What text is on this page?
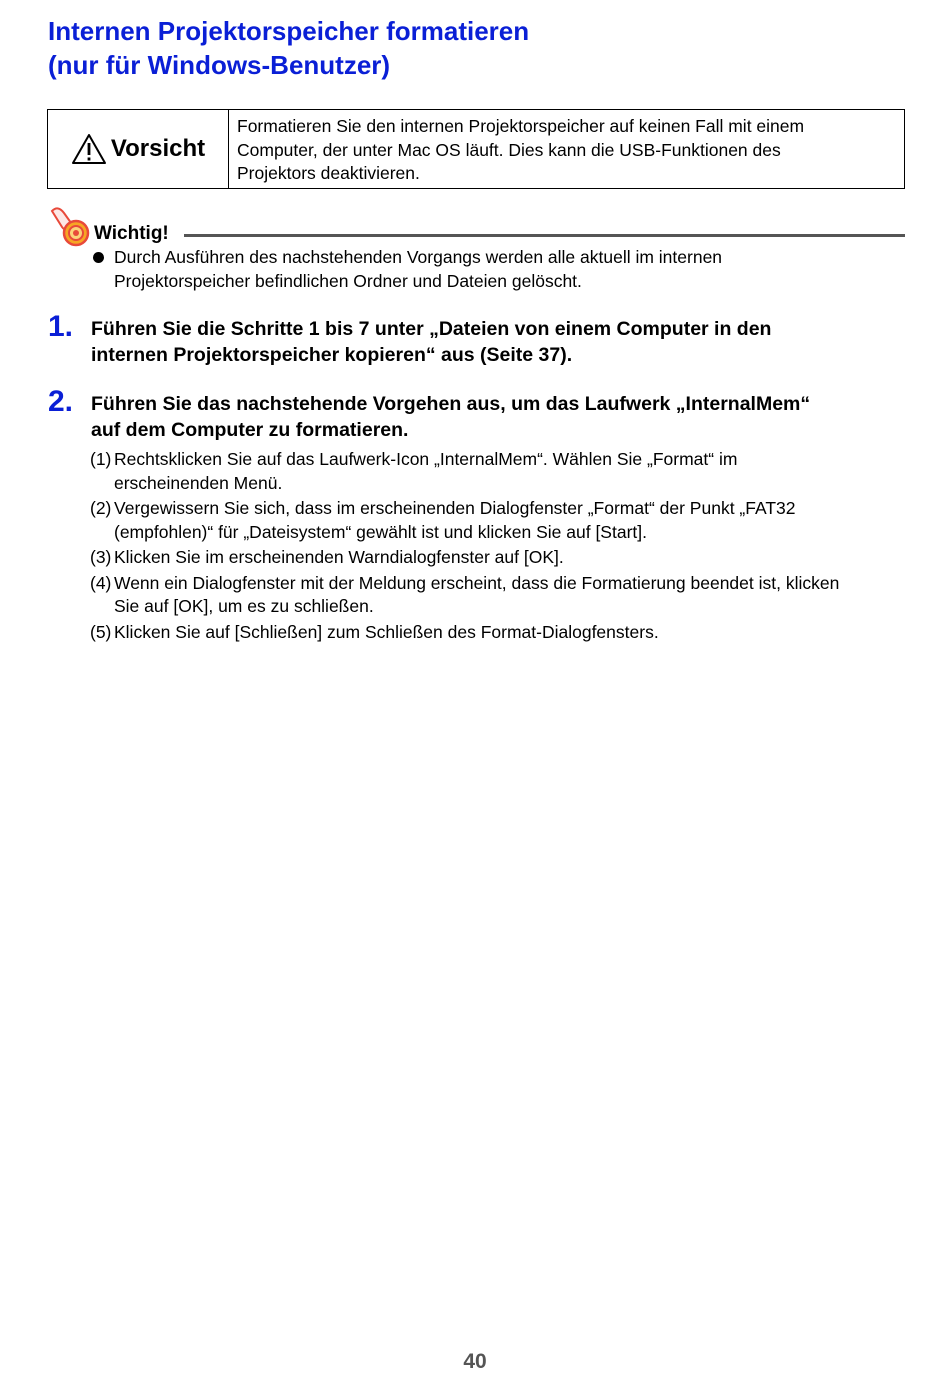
Internen Projektorspeicher formatieren
(nur für Windows-Benutzer)
Vorsicht
Formatieren Sie den internen Projektorspeicher auf keinen Fall mit einem
Computer, der unter Mac OS läuft. Dies kann die USB-Funktionen des
Projektors deaktivieren.
Wichtig!
Durch Ausführen des nachstehenden Vorgangs werden alle aktuell im internen
Projektorspeicher befindlichen Ordner und Dateien gelöscht.
1. Führen Sie die Schritte 1 bis 7 unter „Dateien von einem Computer in den
internen Projektorspeicher kopieren“ aus (Seite 37).
2. Führen Sie das nachstehende Vorgehen aus, um das Laufwerk „InternalMem“
auf dem Computer zu formatieren.
(1) Rechtsklicken Sie auf das Laufwerk-Icon „InternalMem“. Wählen Sie „Format“ im
erscheinenden Menü.
(2) Vergewissern Sie sich, dass im erscheinenden Dialogfenster „Format“ der Punkt „FAT32
(empfohlen)“ für „Dateisystem“ gewählt ist und klicken Sie auf [Start].
(3) Klicken Sie im erscheinenden Warndialogfenster auf [OK].
(4) Wenn ein Dialogfenster mit der Meldung erscheint, dass die Formatierung beendet ist, klicken
Sie auf [OK], um es zu schließen.
(5) Klicken Sie auf [Schließen] zum Schließen des Format-Dialogfensters.
40
